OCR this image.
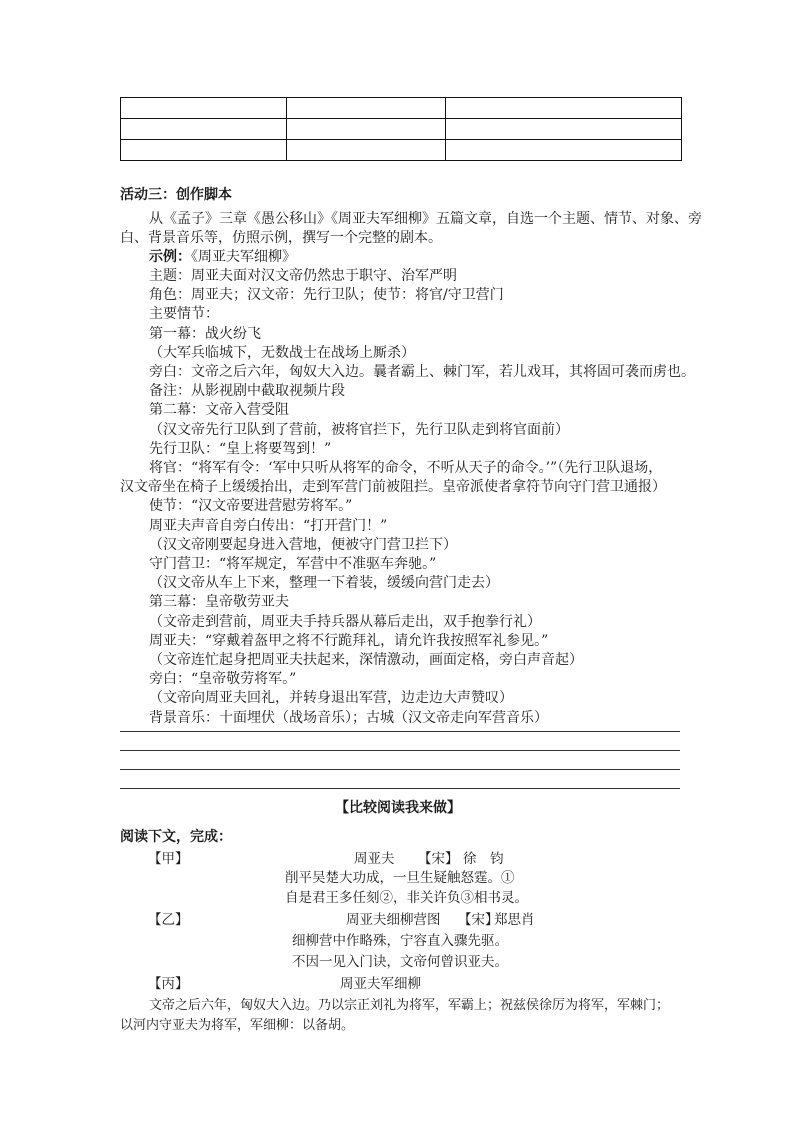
活动三：创作脚本
从《孟子》三章《愚公移山》《周亚夫军细柳》五篇文章，自选一个主题、情节、对象、旁
白、背景音乐等，仿照示例，撰写一个完整的剧本。
示例：《周亚夫军细柳》
主题：周亚夫面对汉文帝仍然忠于职守、治军严明
角色：周亚夫；汉文帝：先行卫队；使节：将官/守卫营门
主要情节：
第一幕：战火纷飞
（大军兵临城下，无数战士在战场上厮杀）
旁白：文帝之后六年，匈奴大入边。曩者霸上、棘门军，若儿戏耳，其将固可袭而虏也。
备注：从影视剧中截取视频片段
第二幕：文帝入营受阻
（汉文帝先行卫队到了营前，被将官拦下，先行卫队走到将官面前）
先行卫队：“皇上将要驾到！”
将官：“将军有令：‘军中只听从将军的命令，不听从天子的命令。’”（先行卫队退场，
汉文帝坐在椅子上缓缓抬出，走到军营门前被阻拦。皇帝派使者拿符节向守门营卫通报）
使节：“汉文帝要进营慰劳将军。”
周亚夫声音自旁白传出：“打开营门！”
（汉文帝刚要起身进入营地，便被守门营卫拦下）
守门营卫：“将军规定，军营中不准驱车奔驰。”
（汉文帝从车上下来，整理一下着装，缓缓向营门走去）
第三幕：皇帝敬劳亚夫
（文帝走到营前，周亚夫手持兵器从幕后走出，双手抱拳行礼）
周亚夫：“穿戴着盔甲之将不行跪拜礼，请允许我按照军礼参见。”
（文帝连忙起身把周亚夫扶起来，深情激动，画面定格，旁白声音起）
旁白：“皇帝敬劳将军。”
（文帝向周亚夫回礼，并转身退出军营，边走边大声赞叹）
背景音乐：十面埋伏（战场音乐）；古城（汉文帝走向军营音乐）
【比较阅读我来做】
阅读下文，完成：
【甲】	周亚夫 【宋】 徐　钧
削平吴楚大功成，一旦生疑触怒霆。①
自是君王多任刻②，非关许负③相书灵。
【乙】	周亚夫细柳营图 【宋】
郑思肖
细柳营中作略殊，宁容直入骤先驱。
不因一见入门诀，文帝何曾识亚夫。
【丙】	周亚夫军细柳
文帝之后六年，匈奴大入边。乃以宗正刘礼为将军，军霸上；祝兹侯徐厉为将军，军棘门；
以河内守亚夫为将军，军细柳：以备胡。
